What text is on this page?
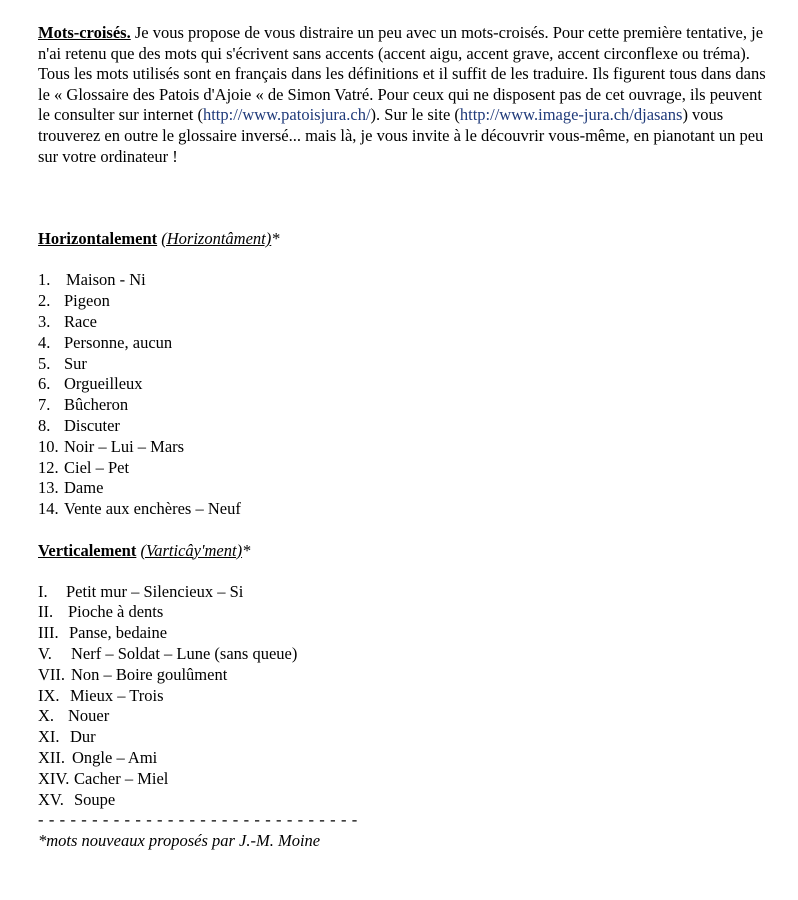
Mots-croisés. Je vous propose de vous distraire un peu avec un mots-croisés. Pour cette première tentative, je n'ai retenu que des mots qui s'écrivent sans accents (accent aigu, accent grave, accent circonflexe ou tréma). Tous les mots utilisés sont en français dans les définitions et il suffit de les traduire. Ils figurent tous dans dans le « Glossaire des Patois d'Ajoie « de Simon Vatré. Pour ceux qui ne disposent pas de cet ouvrage, ils peuvent le consulter sur internet (http://www.patoisjura.ch/). Sur le site (http://www.image-jura.ch/djasans) vous trouverez en outre le glossaire inversé... mais là, je vous invite à le découvrir vous-même, en pianotant un peu sur votre ordinateur !

Horizontalement (Horizontâment)*

1. Maison - Ni
2. Pigeon
3. Race
4. Personne, aucun
5. Sur
6. Orgueilleux
7. Bûcheron
8. Discuter
10. Noir – Lui – Mars
12. Ciel – Pet
13. Dame
14. Vente aux enchères – Neuf

Verticalement (Varticây'ment)*

I.	Petit mur – Silencieux – Si
II. Pioche à dents
III. Panse, bedaine
V.	Nerf – Soldat – Lune (sans queue)
VII. Non – Boire goulûment
IX. Mieux – Trois
X. Nouer
XI. Dur
XII. Ongle – Ami
XIV. Cacher – Miel
XV. Soupe

- - - - - - - - - - - - - - - - - - - - - - - - - - - - - -

*mots nouveaux proposés par J.-M. Moine
